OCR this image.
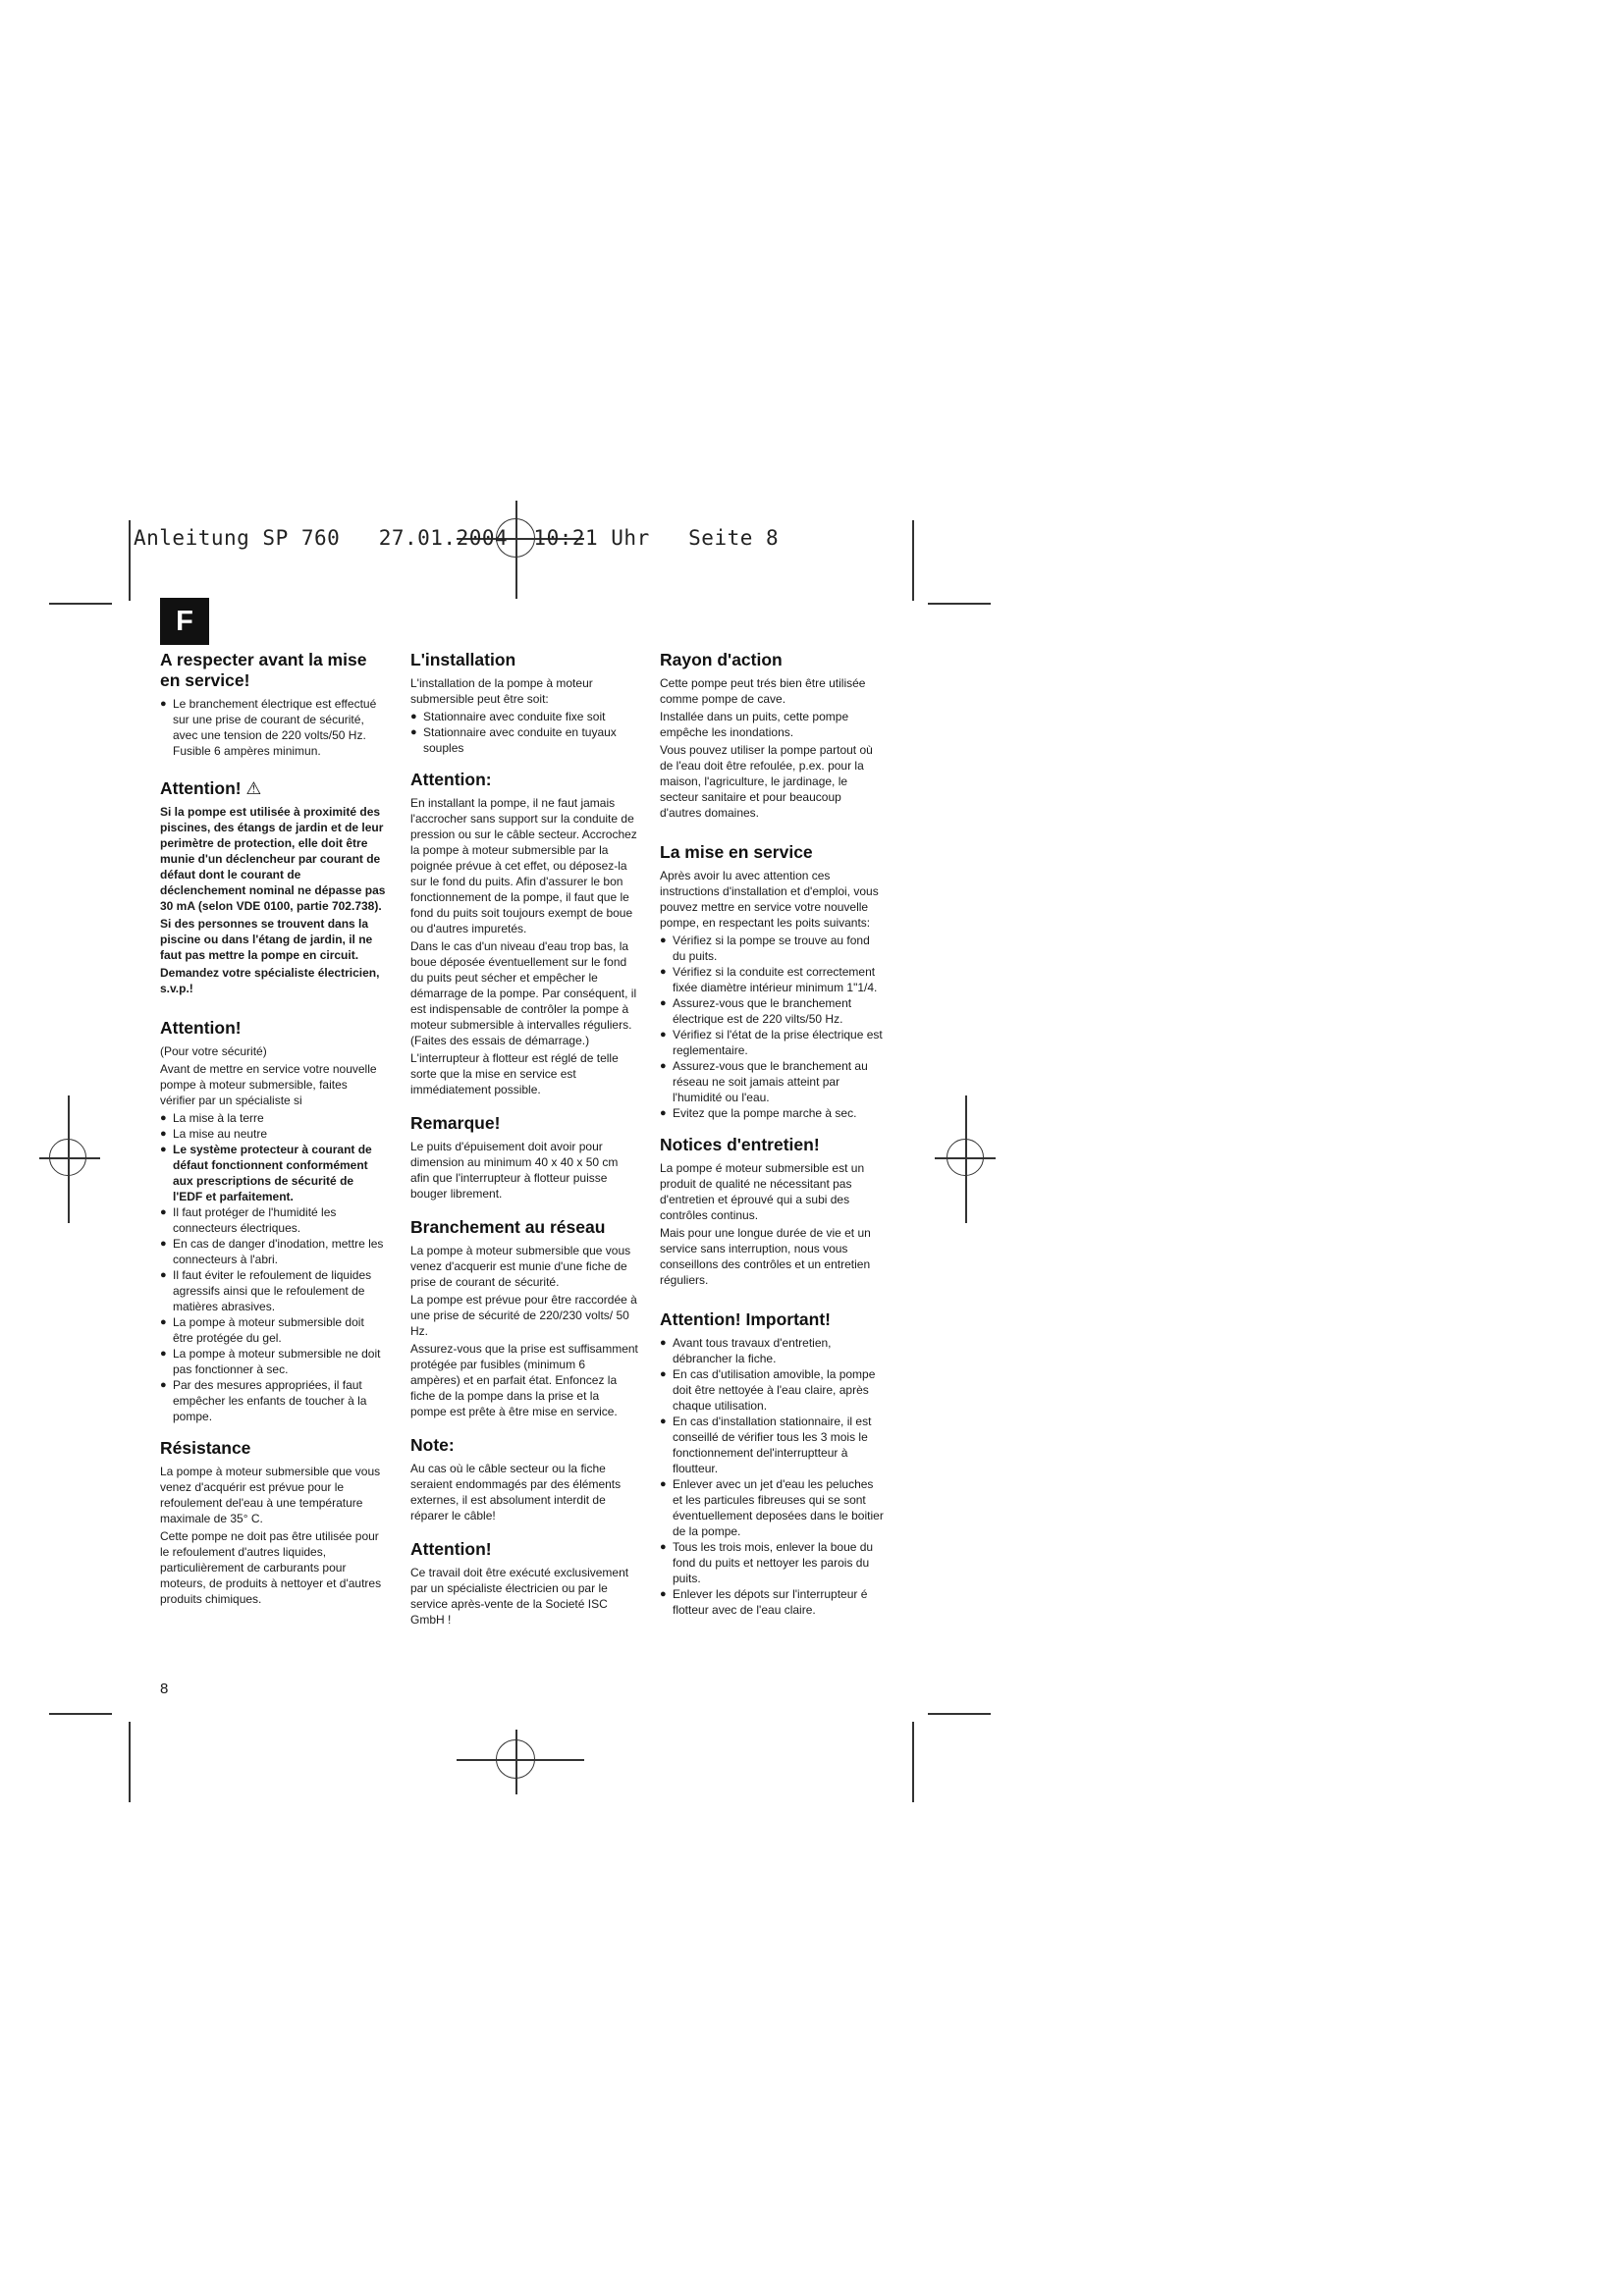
Anleitung SP 760   27.01.2004  10:21 Uhr   Seite 8
F
A respecter avant la mise en service!
● Le branchement électrique est effectué sur une prise de courant de sécurité, avec une tension de 220 volts/50 Hz. Fusible 6 ampères minimun.
Attention! ⚠

Si la pompe est utilisée à proximité des piscines, des étangs de jardin et de leur perimètre de protection, elle doit être munie d'un déclencheur par courant de défaut dont le courant de déclenchement nominal ne dépasse pas 30 mA (selon VDE 0100, partie 702.738).

Si des personnes se trouvent dans la piscine ou dans l'étang de jardin, il ne faut pas mettre la pompe en circuit.

Demandez votre spécialiste électricien, s.v.p.!

Attention!

(Pour votre sécurité)

Avant de mettre en service votre nouvelle pompe à moteur submersible, faites vérifier par un spécialiste si

● La mise à la terre
● La mise au neutre
● Le système protecteur à courant de défaut fonctionnent conformément aux prescriptions de sécurité de l'EDF et parfaitement.
● Il faut protéger de l'humidité les connecteurs électriques.
● En cas de danger d'inodation, mettre les connecteurs à l'abri.
● Il faut éviter le refoulement de liquides agressifs ainsi que le refoulement de matières abrasives.
● La pompe à moteur submersible doit être protégée du gel.
● La pompe à moteur submersible ne doit pas fonctionner à sec.
● Par des mesures appropriées, il faut empêcher les enfants de toucher à la pompe.
Résistance

La pompe à moteur submersible que vous venez d'acquérir est prévue pour le refoulement del'eau à une température maximale de 35° C.

Cette pompe ne doit pas être utilisée pour le refoulement d'autres liquides, particulièrement de carburants pour moteurs, de produits à nettoyer et d'autres produits chimiques.

L'installation

L'installation de la pompe à moteur submersible peut être soit:

● Stationnaire avec conduite fixe soit
● Stationnaire avec conduite en tuyaux souples
Attention:

En installant la pompe, il ne faut jamais l'accrocher sans support sur la conduite de pression ou sur le câble secteur. Accrochez la pompe à moteur submersible par la poignée prévue à cet effet, ou déposez-la sur le fond du puits. Afin d'assurer le bon fonctionnement de la pompe, il faut que le fond du puits soit toujours exempt de boue ou d'autres impuretés.

Dans le cas d'un niveau d'eau trop bas, la boue déposée éventuellement sur le fond du puits peut sécher et empêcher le démarrage de la pompe. Par conséquent, il est indispensable de contrôler la pompe à moteur submersible à intervalles réguliers. (Faites des essais de démarrage.)

L'interrupteur à flotteur est réglé de telle sorte que la mise en service est immédiatement possible.

Remarque!

Le puits d'épuisement doit avoir pour dimension au minimum 40 x 40 x 50 cm afin que l'interrupteur à flotteur puisse bouger librement.

Branchement au réseau

La pompe à moteur submersible que vous venez d'acquerir est munie d'une fiche de prise de courant de sécurité.

La pompe est prévue pour être raccordée à une prise de sécurité de 220/230 volts/ 50 Hz.

Assurez-vous que la prise est suffisamment protégée par fusibles (minimum 6 ampères) et en parfait état. Enfoncez la fiche de la pompe dans la prise et la pompe est prête à être mise en service.

Note:

Au cas où le câble secteur ou la fiche seraient endommagés par des éléments externes, il est absolument interdit de réparer le câble!

Attention!

Ce travail doit être exécuté exclusivement par un spécialiste électricien ou par le service après-vente de la Societé ISC GmbH !

Rayon d'action

Cette pompe peut trés bien être utilisée comme pompe de cave.

Installée dans un puits, cette pompe empêche les inondations.

Vous pouvez utiliser la pompe partout où de l'eau doit être refoulée, p.ex. pour la maison, l'agriculture, le jardinage, le secteur sanitaire et pour beaucoup d'autres domaines.

La mise en service

Après avoir lu avec attention ces instructions d'installation et d'emploi, vous pouvez mettre en service votre nouvelle pompe, en respectant les poits suivants:

● Vérifiez si la pompe se trouve au fond du puits.
● Vérifiez si la conduite est correctement fixée diamètre intérieur minimum 1"1/4.
● Assurez-vous que le branchement électrique est de 220 vilts/50 Hz.
● Vérifiez si l'état de la prise électrique est reglementaire.
● Assurez-vous que le branchement au réseau ne soit jamais atteint par l'humidité ou l'eau.
● Evitez que la pompe marche à sec.
Notices d'entretien!

La pompe é moteur submersible est un produit de qualité ne nécessitant pas d'entretien et éprouvé qui a subi des contrôles continus.

Mais pour une longue durée de vie et un service sans interruption, nous vous conseillons des contrôles et un entretien réguliers.

Attention! Important!
● Avant tous travaux d'entretien, débrancher la fiche.
● En cas d'utilisation amovible, la pompe doit être nettoyée à l'eau claire, après chaque utilisation.
● En cas d'installation stationnaire, il est conseillé de vérifier tous les 3 mois le fonctionnement del'interruptteur à floutteur.
● Enlever avec un jet d'eau les peluches et les particules fibreuses qui se sont éventuellement deposées dans le boitier de la pompe.
● Tous les trois mois, enlever la boue du fond du puits et nettoyer les parois du puits.
● Enlever les dépots sur l'interrupteur é flotteur avec de l'eau claire.
8
